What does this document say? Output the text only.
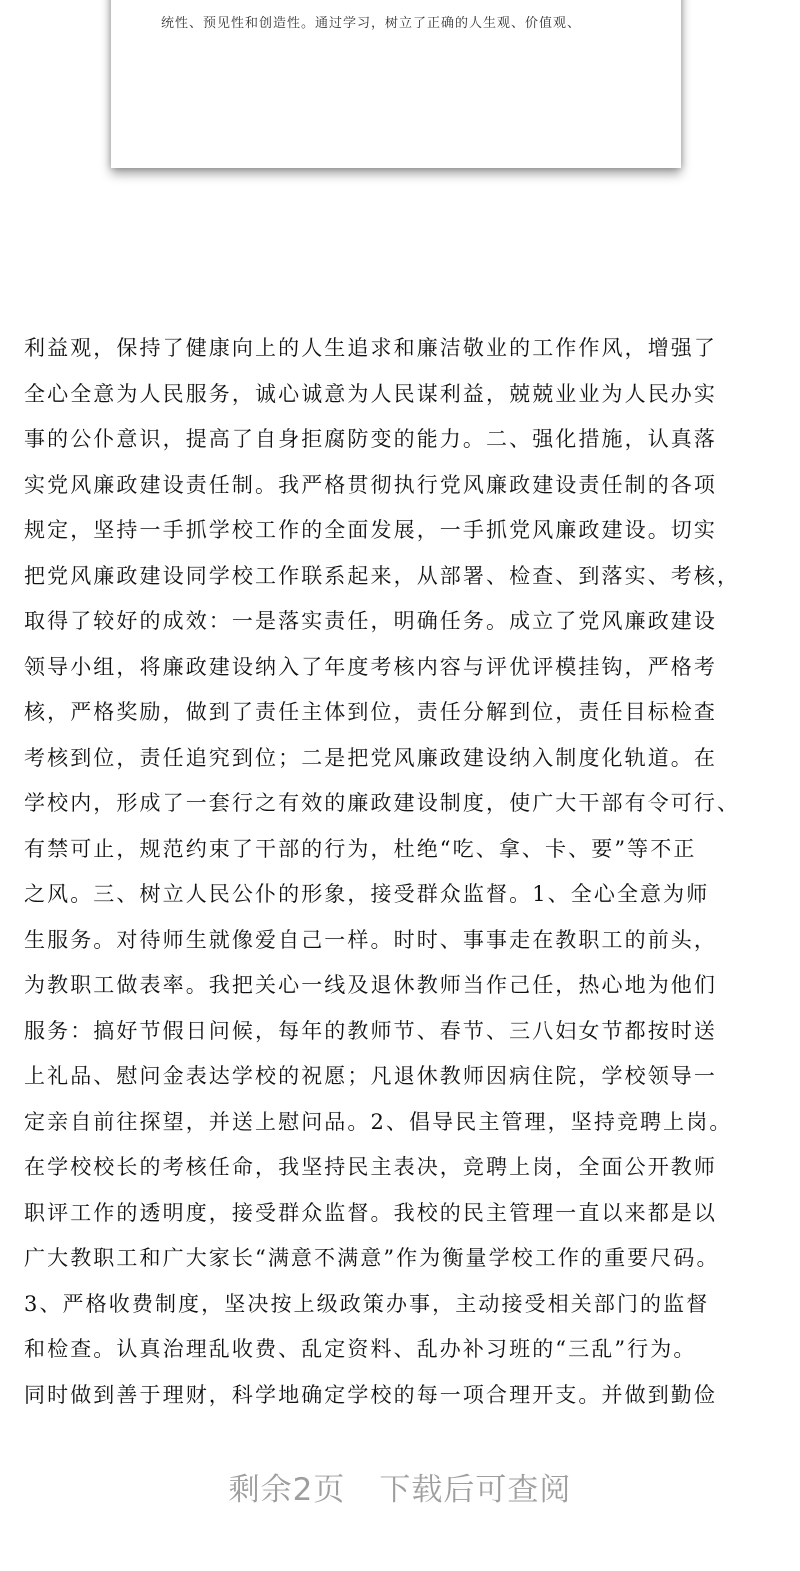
统性、预见性和创造性。通过学习，树立了正确的人生观、价值观、
利益观，保持了健康向上的人生追求和廉洁敬业的工作作风，增强了
全心全意为人民服务，诚心诚意为人民谋利益，兢兢业业为人民办实
事的公仆意识，提高了自身拒腐防变的能力。二、强化措施，认真落
实党风廉政建设责任制。我严格贯彻执行党风廉政建设责任制的各项
规定，坚持一手抓学校工作的全面发展，一手抓党风廉政建设。切实
把党风廉政建设同学校工作联系起来，从部署、检查、到落实、考核，
取得了较好的成效：一是落实责任，明确任务。成立了党风廉政建设
领导小组，将廉政建设纳入了年度考核内容与评优评模挂钩，严格考
核，严格奖励，做到了责任主体到位，责任分解到位，责任目标检查
考核到位，责任追究到位；二是把党风廉政建设纳入制度化轨道。在
学校内，形成了一套行之有效的廉政建设制度，使广大干部有令可行、
有禁可止，规范约束了干部的行为，杜绝“吃、拿、卡、要”等不正
之风。三、树立人民公仆的形象，接受群众监督。1、全心全意为师
生服务。对待师生就像爱自己一样。时时、事事走在教职工的前头，
为教职工做表率。我把关心一线及退休教师当作己任，热心地为他们
服务：搞好节假日问候，每年的教师节、春节、三八妇女节都按时送
上礼品、慰问金表达学校的祝愿；凡退休教师因病住院，学校领导一
定亲自前往探望，并送上慰问品。2、倡导民主管理，坚持竞聘上岗。
在学校校长的考核任命，我坚持民主表决，竞聘上岗，全面公开教师
职评工作的透明度，接受群众监督。我校的民主管理一直以来都是以
广大教职工和广大家长“满意不满意”作为衡量学校工作的重要尺码。
3、严格收费制度，坚决按上级政策办事，主动接受相关部门的监督
和检查。认真治理乱收费、乱定资料、乱办补习班的“三乱”行为。
同时做到善于理财，科学地确定学校的每一项合理开支。并做到勤俭
剩余2页 下载后可查阅
